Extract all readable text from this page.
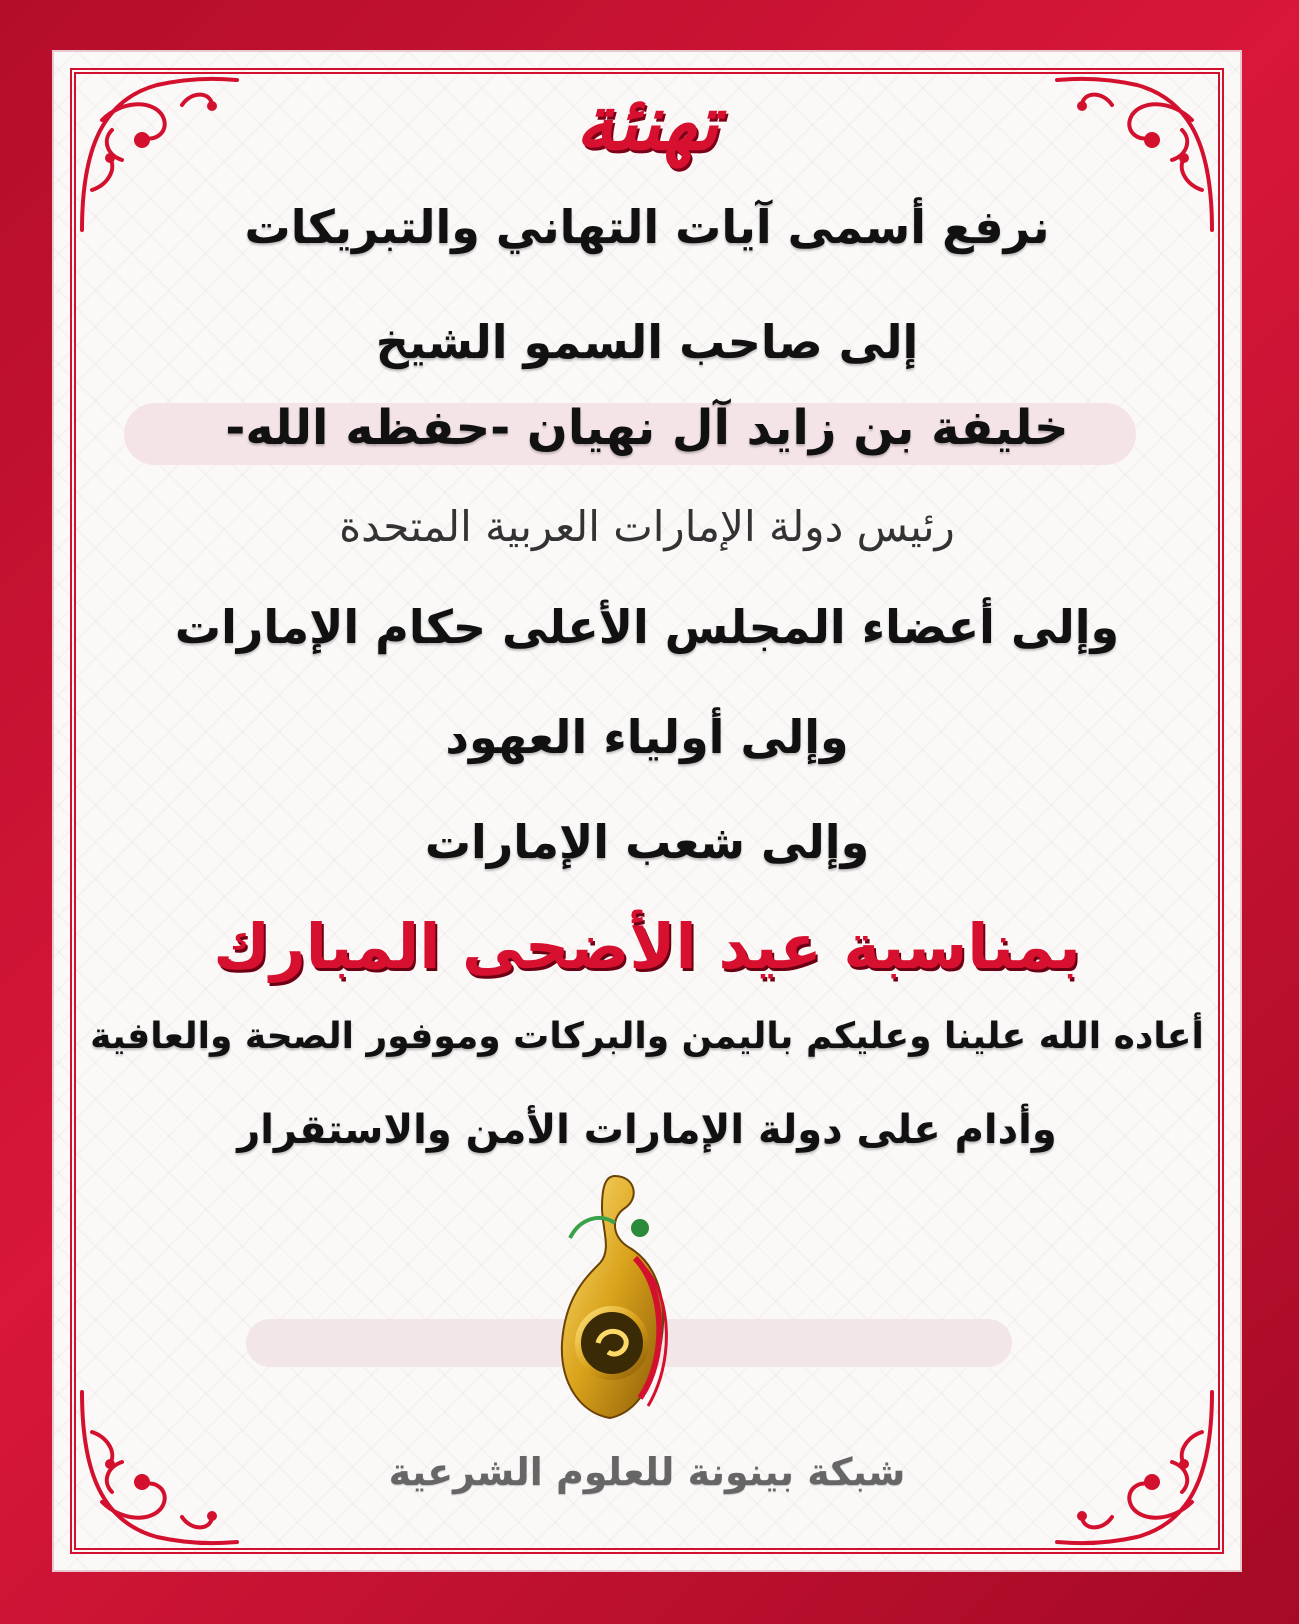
تهنئة
نرفع أسمى آيات التهاني والتبريكات
إلى صاحب السمو الشيخ
خليفة بن زايد آل نهيان -حفظه الله-
رئيس دولة الإمارات العربية المتحدة
وإلى أعضاء المجلس الأعلى حكام الإمارات
وإلى أولياء العهود
وإلى شعب الإمارات
بمناسبة عيد الأضحى المبارك
أعاده الله علينا وعليكم باليمن والبركات وموفور الصحة والعافية
وأدام على دولة الإمارات الأمن والاستقرار
شبكة بينونة للعلوم الشرعية
